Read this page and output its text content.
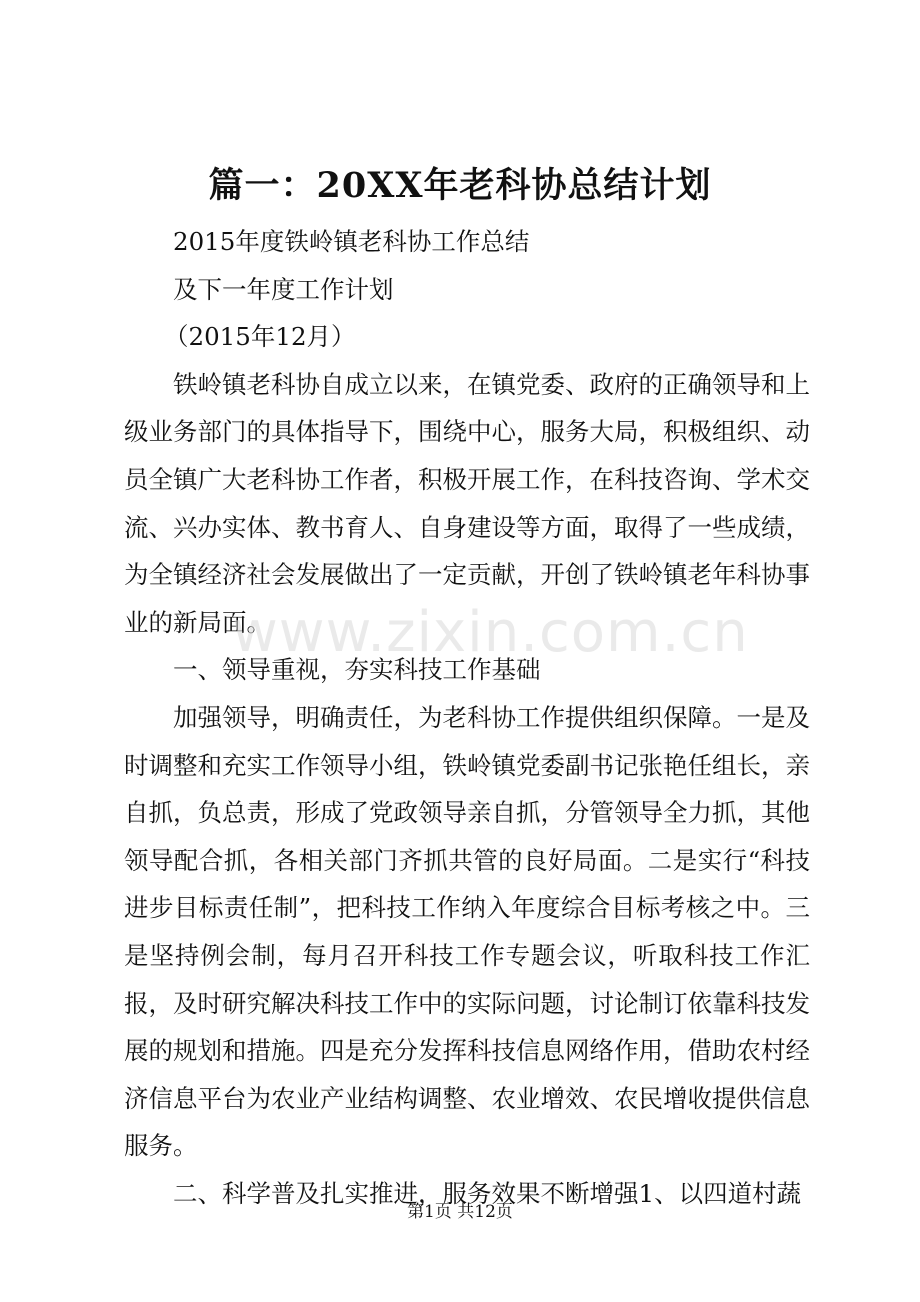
篇一：20XX年老科协总结计划

2015年度铁岭镇老科协工作总结

及下一年度工作计划

（2015年12月）

铁岭镇老科协自成立以来，在镇党委、政府的正确领导和上级业务部门的具体指导下，围绕中心，服务大局，积极组织、动员全镇广大老科协工作者，积极开展工作，在科技咨询、学术交流、兴办实体、教书育人、自身建设等方面，取得了一些成绩，为全镇经济社会发展做出了一定贡献，开创了铁岭镇老年科协事业的新局面。

一、领导重视，夯实科技工作基础

加强领导，明确责任，为老科协工作提供组织保障。一是及时调整和充实工作领导小组，铁岭镇党委副书记张艳任组长，亲自抓，负总责，形成了党政领导亲自抓，分管领导全力抓，其他领导配合抓，各相关部门齐抓共管的良好局面。二是实行“科技进步目标责任制”，把科技工作纳入年度综合目标考核之中。三是坚持例会制，每月召开科技工作专题会议，听取科技工作汇报，及时研究解决科技工作中的实际问题，讨论制订依靠科技发展的规划和措施。四是充分发挥科技信息网络作用，借助农村经济信息平台为农业产业结构调整、农业增效、农民增收提供信息服务。

二、科学普及扎实推进，服务效果不断增强1、以四道村蔬

www.zixin.com.cn
第1页 共12页
